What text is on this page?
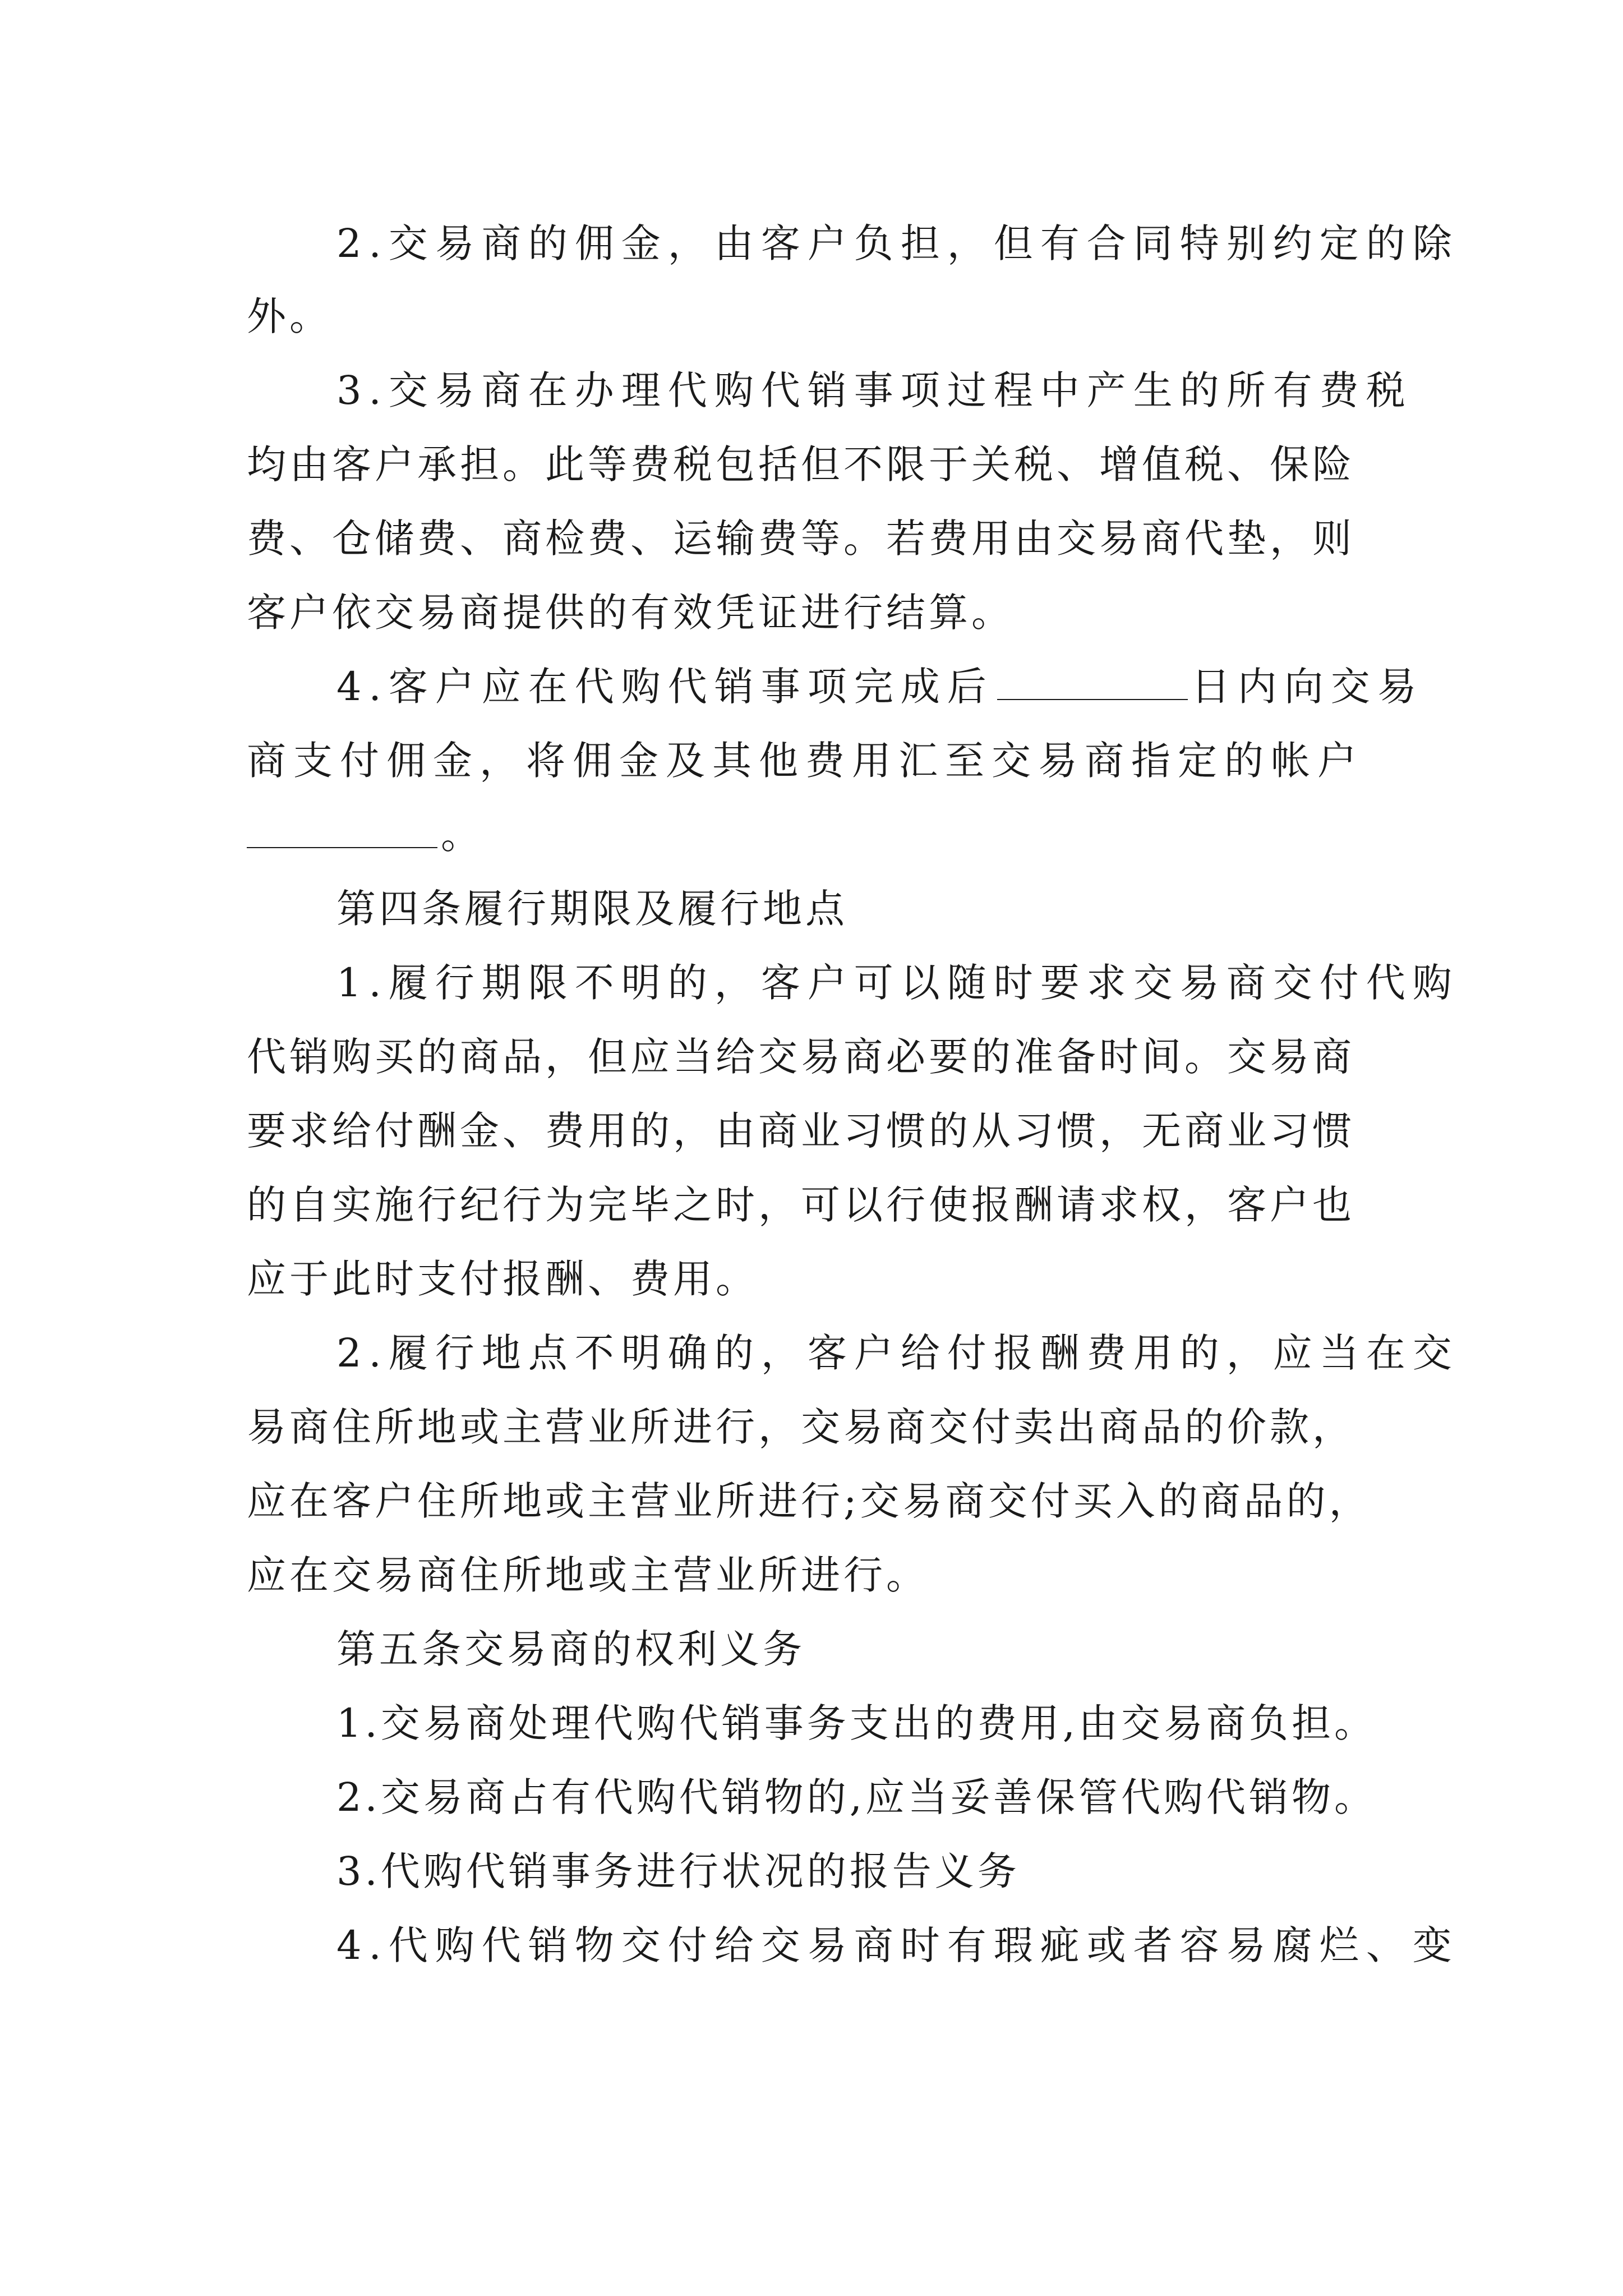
2.交易商的佣金，由客户负担，但有合同特别约定的除
外。
3.交易商在办理代购代销事项过程中产生的所有费税
均由客户承担。此等费税包括但不限于关税、增值税、保险
费、仓储费、商检费、运输费等。若费用由交易商代垫，则
客户依交易商提供的有效凭证进行结算。
4.客户应在代购代销事项完成后	日内向交易
商支付佣金，将佣金及其他费用汇至交易商指定的帐户
。
第四条履行期限及履行地点
1.履行期限不明的，客户可以随时要求交易商交付代购
代销购买的商品，但应当给交易商必要的准备时间。交易商
要求给付酬金、费用的，由商业习惯的从习惯，无商业习惯
的自实施行纪行为完毕之时，可以行使报酬请求权，客户也
应于此时支付报酬、费用。
2.履行地点不明确的，客户给付报酬费用的，应当在交
易商住所地或主营业所进行，交易商交付卖出商品的价款，
应在客户住所地或主营业所进行;交易商交付买入的商品的，
应在交易商住所地或主营业所进行。
第五条交易商的权利义务
1.交易商处理代购代销事务支出的费用,由交易商负担。
2.交易商占有代购代销物的,应当妥善保管代购代销物。
3.代购代销事务进行状况的报告义务
4.代购代销物交付给交易商时有瑕疵或者容易腐烂、变
